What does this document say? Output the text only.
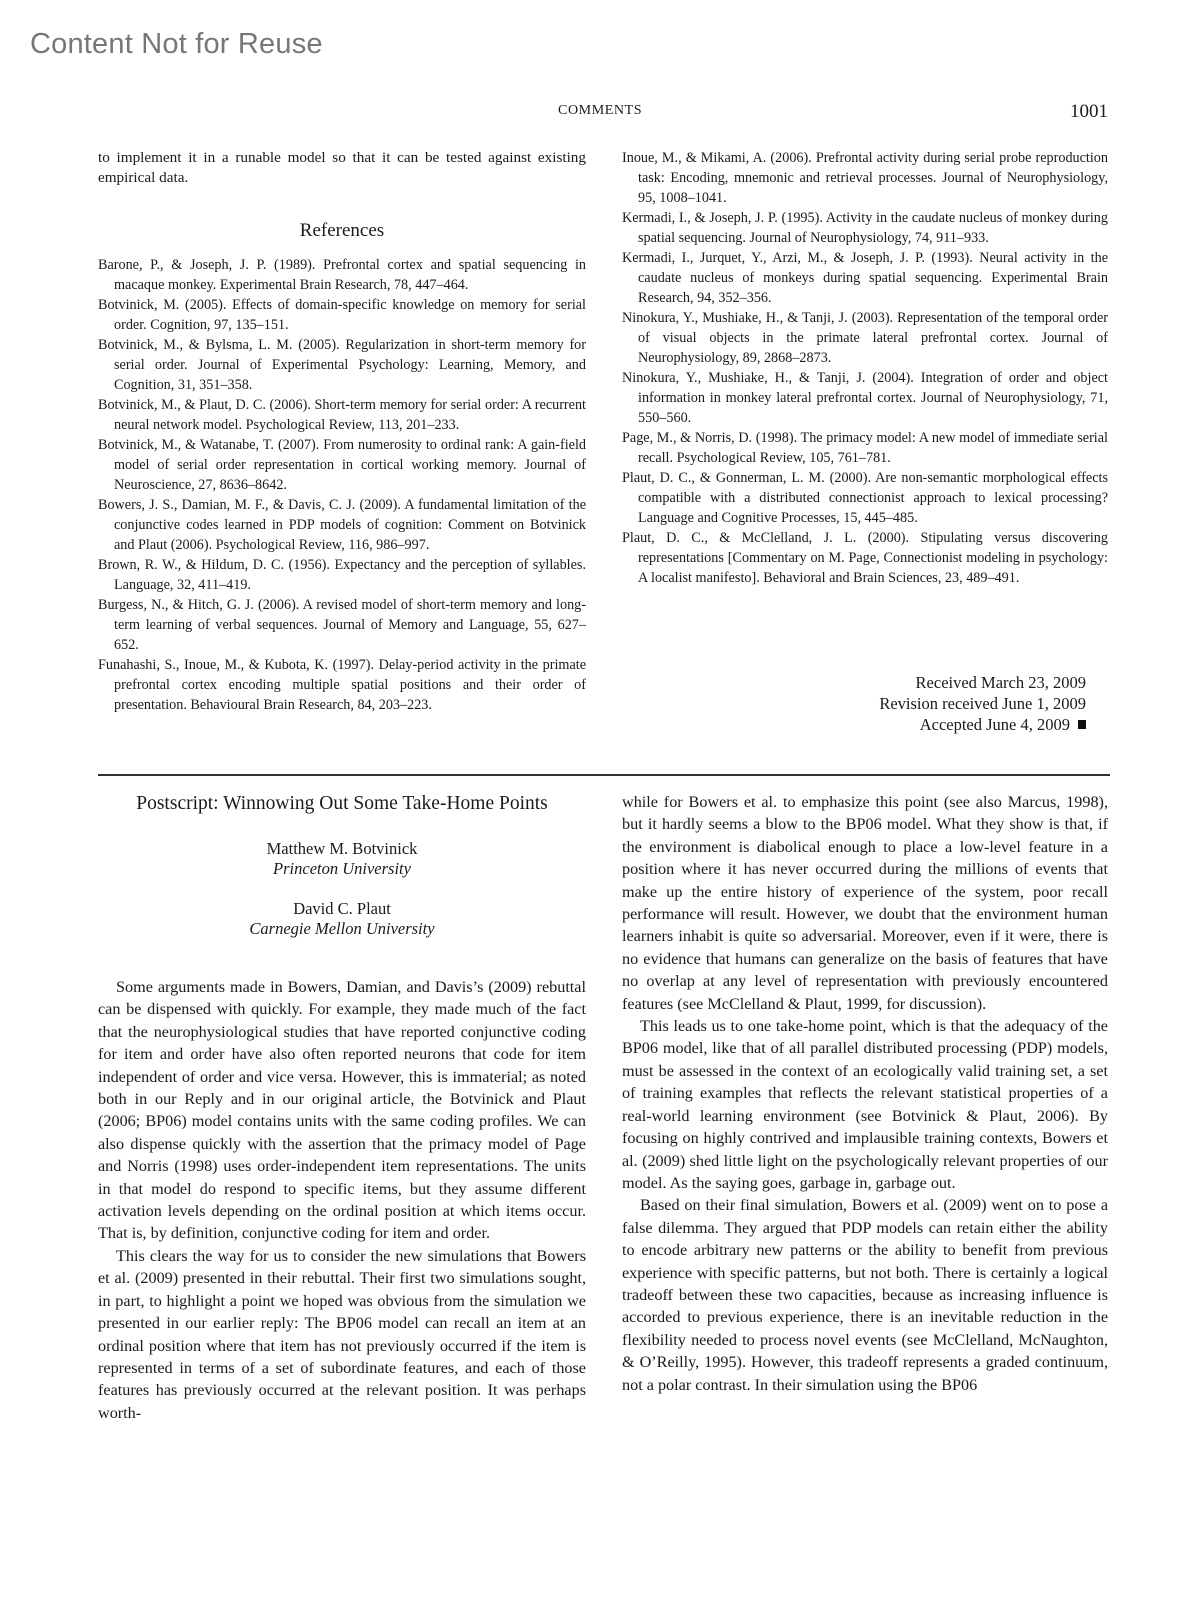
Content Not for Reuse
COMMENTS	1001

to implement it in a runable model so that it can be tested against existing empirical data.

References

Barone, P., & Joseph, J. P. (1989). Prefrontal cortex and spatial sequencing in macaque monkey. Experimental Brain Research, 78, 447–464.

Botvinick, M. (2005). Effects of domain-specific knowledge on memory for serial order. Cognition, 97, 135–151.

Botvinick, M., & Bylsma, L. M. (2005). Regularization in short-term memory for serial order. Journal of Experimental Psychology: Learning, Memory, and Cognition, 31, 351–358.

Botvinick, M., & Plaut, D. C. (2006). Short-term memory for serial order: A recurrent neural network model. Psychological Review, 113, 201–233.

Botvinick, M., & Watanabe, T. (2007). From numerosity to ordinal rank: A gain-field model of serial order representation in cortical working memory. Journal of Neuroscience, 27, 8636–8642.

Bowers, J. S., Damian, M. F., & Davis, C. J. (2009). A fundamental limitation of the conjunctive codes learned in PDP models of cognition: Comment on Botvinick and Plaut (2006). Psychological Review, 116, 986–997.

Brown, R. W., & Hildum, D. C. (1956). Expectancy and the perception of syllables. Language, 32, 411–419.

Burgess, N., & Hitch, G. J. (2006). A revised model of short-term memory and long-term learning of verbal sequences. Journal of Memory and Language, 55, 627–652.

Funahashi, S., Inoue, M., & Kubota, K. (1997). Delay-period activity in the primate prefrontal cortex encoding multiple spatial positions and their order of presentation. Behavioural Brain Research, 84, 203–223.

Inoue, M., & Mikami, A. (2006). Prefrontal activity during serial probe reproduction task: Encoding, mnemonic and retrieval processes. Journal of Neurophysiology, 95, 1008–1041.

Kermadi, I., & Joseph, J. P. (1995). Activity in the caudate nucleus of monkey during spatial sequencing. Journal of Neurophysiology, 74, 911–933.

Kermadi, I., Jurquet, Y., Arzi, M., & Joseph, J. P. (1993). Neural activity in the caudate nucleus of monkeys during spatial sequencing. Experimental Brain Research, 94, 352–356.

Ninokura, Y., Mushiake, H., & Tanji, J. (2003). Representation of the temporal order of visual objects in the primate lateral prefrontal cortex. Journal of Neurophysiology, 89, 2868–2873.

Ninokura, Y., Mushiake, H., & Tanji, J. (2004). Integration of order and object information in monkey lateral prefrontal cortex. Journal of Neurophysiology, 71, 550–560.

Page, M., & Norris, D. (1998). The primacy model: A new model of immediate serial recall. Psychological Review, 105, 761–781.

Plaut, D. C., & Gonnerman, L. M. (2000). Are non-semantic morphological effects compatible with a distributed connectionist approach to lexical processing? Language and Cognitive Processes, 15, 445–485.

Plaut, D. C., & McClelland, J. L. (2000). Stipulating versus discovering representations [Commentary on M. Page, Connectionist modeling in psychology: A localist manifesto]. Behavioral and Brain Sciences, 23, 489–491.

Received March 23, 2009
Revision received June 1, 2009
Accepted June 4, 2009
Postscript: Winnowing Out Some Take-Home Points
Matthew M. Botvinick
Princeton University
David C. Plaut
Carnegie Mellon University

Some arguments made in Bowers, Damian, and Davis’s (2009) rebuttal can be dispensed with quickly. For example, they made much of the fact that the neurophysiological studies that have reported conjunctive coding for item and order have also often reported neurons that code for item independent of order and vice versa. However, this is immaterial; as noted both in our Reply and in our original article, the Botvinick and Plaut (2006; BP06) model contains units with the same coding profiles. We can also dispense quickly with the assertion that the primacy model of Page and Norris (1998) uses order-independent item representations. The units in that model do respond to specific items, but they assume different activation levels depending on the ordinal position at which items occur. That is, by definition, conjunctive coding for item and order.

This clears the way for us to consider the new simulations that Bowers et al. (2009) presented in their rebuttal. Their first two simulations sought, in part, to highlight a point we hoped was obvious from the simulation we presented in our earlier reply: The BP06 model can recall an item at an ordinal position where that item has not previously occurred if the item is represented in terms of a set of subordinate features, and each of those features has previously occurred at the relevant position. It was perhaps worth-

while for Bowers et al. to emphasize this point (see also Marcus, 1998), but it hardly seems a blow to the BP06 model. What they show is that, if the environment is diabolical enough to place a low-level feature in a position where it has never occurred during the millions of events that make up the entire history of experience of the system, poor recall performance will result. However, we doubt that the environment human learners inhabit is quite so adversarial. Moreover, even if it were, there is no evidence that humans can generalize on the basis of features that have no overlap at any level of representation with previously encountered features (see McClelland & Plaut, 1999, for discussion).

This leads us to one take-home point, which is that the adequacy of the BP06 model, like that of all parallel distributed processing (PDP) models, must be assessed in the context of an ecologically valid training set, a set of training examples that reflects the relevant statistical properties of a real-world learning environment (see Botvinick & Plaut, 2006). By focusing on highly contrived and implausible training contexts, Bowers et al. (2009) shed little light on the psychologically relevant properties of our model. As the saying goes, garbage in, garbage out.

Based on their final simulation, Bowers et al. (2009) went on to pose a false dilemma. They argued that PDP models can retain either the ability to encode arbitrary new patterns or the ability to benefit from previous experience with specific patterns, but not both. There is certainly a logical tradeoff between these two capacities, because as increasing influence is accorded to previous experience, there is an inevitable reduction in the flexibility needed to process novel events (see McClelland, McNaughton, & O’Reilly, 1995). However, this tradeoff represents a graded continuum, not a polar contrast. In their simulation using the BP06
